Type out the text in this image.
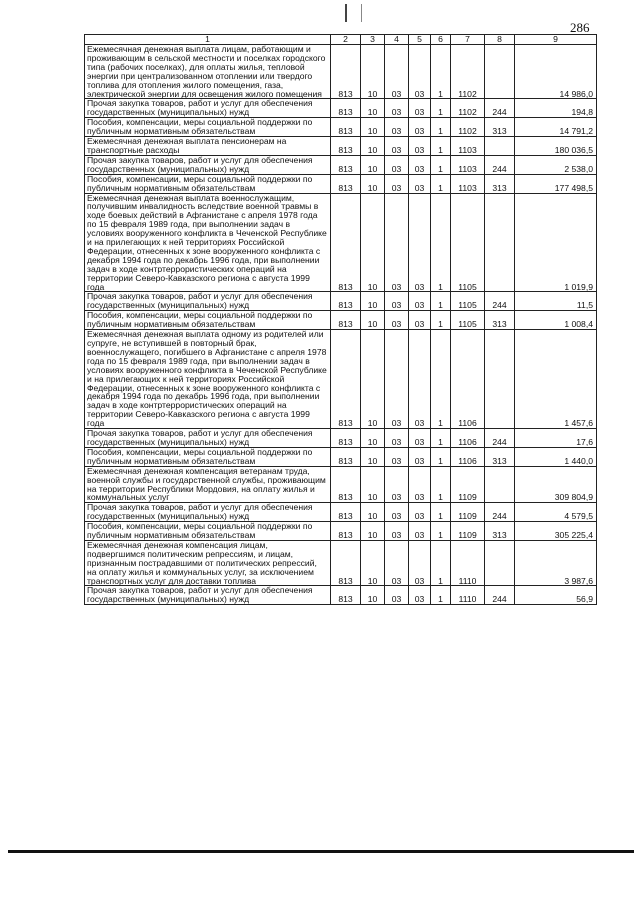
286
1	2	3	4	5	6	7	8	9
Ежемесячная денежная выплата лицам, работающим и проживающим в сельской местности и поселках городского типа (рабочих поселках), для оплаты жилья, тепловой энергии при централизованном отоплении или твердого топлива для отопления жилого помещения, газа, электрической энергии для освещения жилого помещения	813	10	03	03	1	1102		14 986,0
Прочая закупка товаров, работ и услуг для обеспечения государственных (муниципальных) нужд	813	10	03	03	1	1102	244	194,8
Пособия, компенсации, меры социальной поддержки по публичным нормативным обязательствам	813	10	03	03	1	1102	313	14 791,2
Ежемесячная денежная выплата пенсионерам на транспортные расходы	813	10	03	03	1	1103		180 036,5
Прочая закупка товаров, работ и услуг для обеспечения государственных (муниципальных) нужд	813	10	03	03	1	1103	244	2 538,0
Пособия, компенсации, меры социальной поддержки по публичным нормативным обязательствам	813	10	03	03	1	1103	313	177 498,5
Ежемесячная денежная выплата военнослужащим, получившим инвалидность вследствие военной травмы в ходе боевых действий в Афганистане с апреля 1978 года по 15 февраля 1989 года, при выполнении задач в условиях вооруженного конфликта в Чеченской Республике и на прилегающих к ней территориях Российской Федерации, отнесенных к зоне вооруженного конфликта с декабря 1994 года по декабрь 1996 года, при выполнении задач в ходе контртеррористических операций на территории Северо-Кавказского региона с августа 1999 года	813	10	03	03	1	1105		1 019,9
Прочая закупка товаров, работ и услуг для обеспечения государственных (муниципальных) нужд	813	10	03	03	1	1105	244	11,5
Пособия, компенсации, меры социальной поддержки по публичным нормативным обязательствам	813	10	03	03	1	1105	313	1 008,4
Ежемесячная денежная выплата одному из родителей или супруге, не вступившей в повторный брак, военнослужащего, погибшего в Афганистане с апреля 1978 года по 15 февраля 1989 года, при выполнении задач в условиях вооруженного конфликта в Чеченской Республике и на прилегающих к ней территориях Российской Федерации, отнесенных к зоне вооруженного конфликта с декабря 1994 года по декабрь 1996 года, при выполнении задач в ходе контртеррористических операций на территории Северо-Кавказского региона с августа 1999 года	813	10	03	03	1	1106		1 457,6
Прочая закупка товаров, работ и услуг для обеспечения государственных (муниципальных) нужд	813	10	03	03	1	1106	244	17,6
Пособия, компенсации, меры социальной поддержки по публичным нормативным обязательствам	813	10	03	03	1	1106	313	1 440,0
Ежемесячная денежная компенсация ветеранам труда, военной службы и государственной службы, проживающим на территории Республики Мордовия, на оплату жилья и коммунальных услуг	813	10	03	03	1	1109		309 804,9
Прочая закупка товаров, работ и услуг для обеспечения государственных (муниципальных) нужд	813	10	03	03	1	1109	244	4 579,5
Пособия, компенсации, меры социальной поддержки по публичным нормативным обязательствам	813	10	03	03	1	1109	313	305 225,4
Ежемесячная денежная компенсация лицам, подвергшимся политическим репрессиям, и лицам, признанным пострадавшими от политических репрессий, на оплату жилья и коммунальных услуг, за исключением транспортных услуг для доставки топлива	813	10	03	03	1	1110		3 987,6
Прочая закупка товаров, работ и услуг для обеспечения государственных (муниципальных) нужд	813	10	03	03	1	1110	244	56,9
